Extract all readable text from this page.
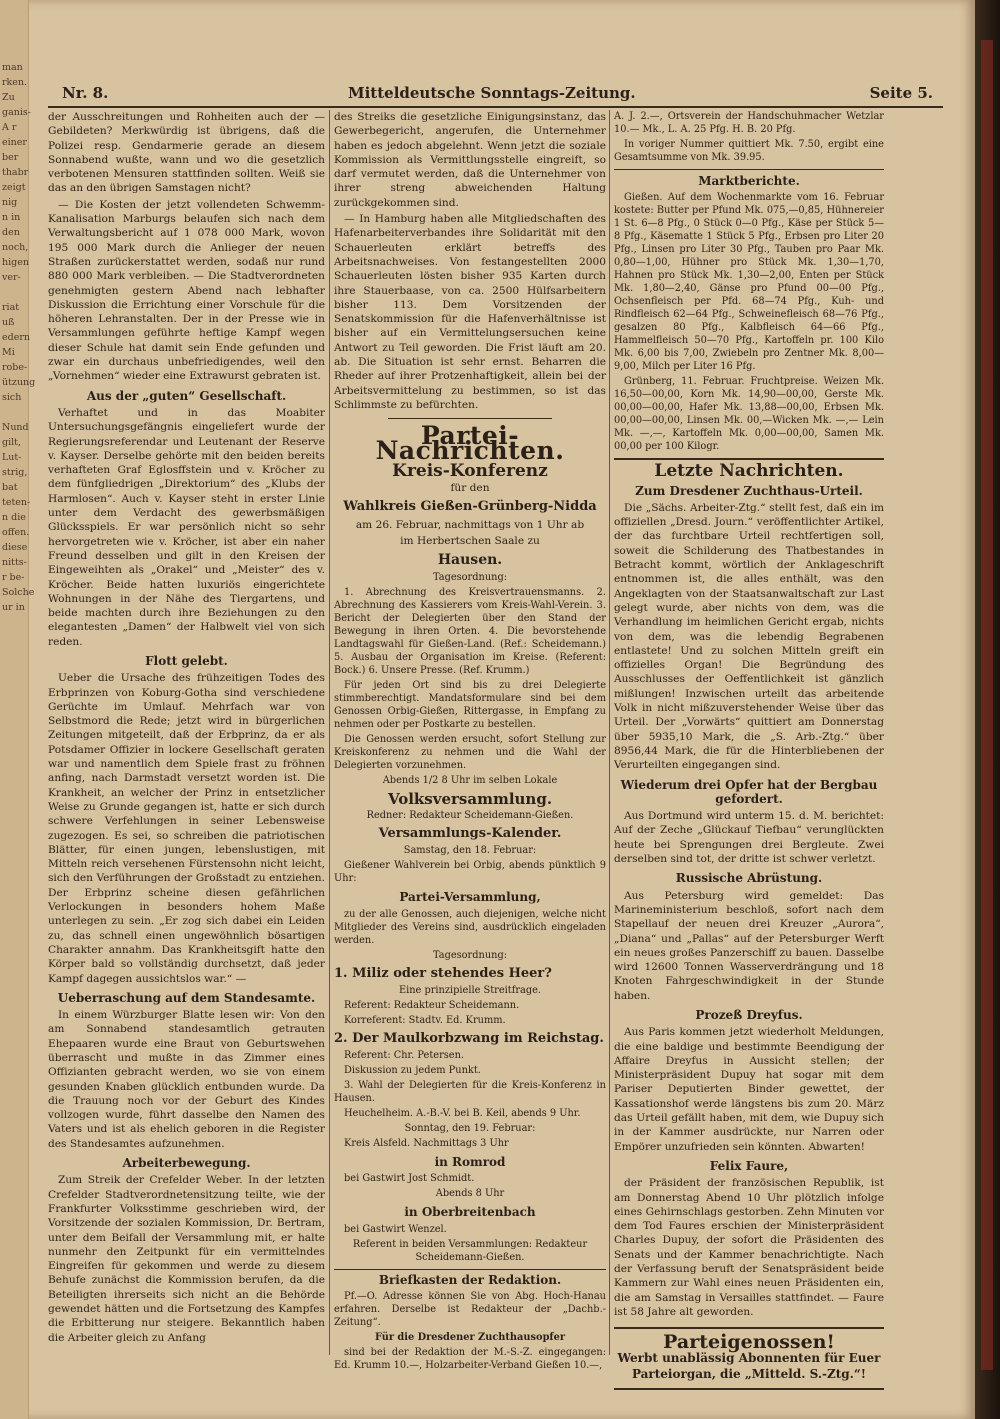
man
rken.
Zu
ganis-
A r
einer
ber
thabr
zeigt
nig
n in
den
noch,
higen
ver-

riat
uß
edern
Mi
robe-
ützung
sich

Nund
gilt,
Lut-
strig,
bat
teten-
n die
offen.
diese
nitts-
r be-
Solche
ur in

Nr. 8.	Mitteldeutsche Sonntags-Zeitung.	Seite 5.

der Ausschreitungen und Rohheiten auch der — Gebildeten? Merkwürdig ist übrigens, daß die Polizei resp. Gendarmerie gerade an diesem Sonnabend wußte, wann und wo die gesetzlich verbotenen Mensuren stattfinden sollten. Weiß sie das an den übrigen Samstagen nicht?

— Die Kosten der jetzt vollendeten Schwemm-Kanalisation Marburgs belaufen sich nach dem Verwaltungsbericht auf 1 078 000 Mark, wovon 195 000 Mark durch die Anlieger der neuen Straßen zurückerstattet werden, sodaß nur rund 880 000 Mark verbleiben. — Die Stadtverordneten genehmigten gestern Abend nach lebhafter Diskussion die Errichtung einer Vorschule für die höheren Lehranstalten. Der in der Presse wie in Versammlungen geführte heftige Kampf wegen dieser Schule hat damit sein Ende gefunden und zwar ein durchaus unbefriedigendes, weil den „Vornehmen“ wieder eine Extrawurst gebraten ist.

Aus der „guten“ Gesellschaft.

Verhaftet und in das Moabiter Untersuchungsgefängnis eingeliefert wurde der Regierungsreferendar und Leutenant der Reserve v. Kayser. Derselbe gehörte mit den beiden bereits verhafteten Graf Eglosffstein und v. Kröcher zu dem fünfgliedrigen „Direktorium“ des „Klubs der Harmlosen“. Auch v. Kayser steht in erster Linie unter dem Verdacht des gewerbsmäßigen Glücksspiels. Er war persönlich nicht so sehr hervorgetreten wie v. Kröcher, ist aber ein naher Freund desselben und gilt in den Kreisen der Eingeweihten als „Orakel“ und „Meister“ des v. Kröcher. Beide hatten luxuriös eingerichtete Wohnungen in der Nähe des Tiergartens, und beide machten durch ihre Beziehungen zu den elegantesten „Damen“ der Halbwelt viel von sich reden.

Flott gelebt.

Ueber die Ursache des frühzeitigen Todes des Erbprinzen von Koburg-Gotha sind verschiedene Gerüchte im Umlauf. Mehrfach war von Selbstmord die Rede; jetzt wird in bürgerlichen Zeitungen mitgeteilt, daß der Erbprinz, da er als Potsdamer Offizier in lockere Gesellschaft geraten war und namentlich dem Spiele frast zu fröhnen anfing, nach Darmstadt versetzt worden ist. Die Krankheit, an welcher der Prinz in entsetzlicher Weise zu Grunde gegangen ist, hatte er sich durch schwere Verfehlungen in seiner Lebensweise zugezogen. Es sei, so schreiben die patriotischen Blätter, für einen jungen, lebenslustigen, mit Mitteln reich versehenen Fürstensohn nicht leicht, sich den Verführungen der Großstadt zu entziehen. Der Erbprinz scheine diesen gefährlichen Verlockungen in besonders hohem Maße unterlegen zu sein. „Er zog sich dabei ein Leiden zu, das schnell einen ungewöhnlich bösartigen Charakter annahm. Das Krankheitsgift hatte den Körper bald so vollständig durchsetzt, daß jeder Kampf dagegen aussichtslos war.“ —

Ueberraschung auf dem Standesamte.

In einem Würzburger Blatte lesen wir: Von den am Sonnabend standesamtlich getrauten Ehepaaren wurde eine Braut von Geburtswehen überrascht und mußte in das Zimmer eines Offizianten gebracht werden, wo sie von einem gesunden Knaben glücklich entbunden wurde. Da die Trauung noch vor der Geburt des Kindes vollzogen wurde, führt dasselbe den Namen des Vaters und ist als ehelich geboren in die Register des Standesamtes aufzunehmen.

Arbeiterbewegung.

Zum Streik der Crefelder Weber. In der letzten Crefelder Stadtverordnetensitzung teilte, wie der Frankfurter Volksstimme geschrieben wird, der Vorsitzende der sozialen Kommission, Dr. Bertram, unter dem Beifall der Versammlung mit, er halte nunmehr den Zeitpunkt für ein vermittelndes Eingreifen für gekommen und werde zu diesem Behufe zunächst die Kommission berufen, da die Beteiligten ihrerseits sich nicht an die Behörde gewendet hätten und die Fortsetzung des Kampfes die Erbitterung nur steigere. Bekanntlich haben die Arbeiter gleich zu Anfang

des Streiks die gesetzliche Einigungsinstanz, das Gewerbegericht, angerufen, die Unternehmer haben es jedoch abgelehnt. Wenn jetzt die soziale Kommission als Vermittlungsstelle eingreift, so darf vermutet werden, daß die Unternehmer von ihrer streng abweichenden Haltung zurückgekommen sind.

— In Hamburg haben alle Mitgliedschaften des Hafenarbeiterverbandes ihre Solidarität mit den Schauerleuten erklärt betreffs des Arbeitsnachweises. Von festangestellten 2000 Schauerleuten lösten bisher 935 Karten durch ihre Stauerbaase, von ca. 2500 Hülfsarbeitern bisher 113. Dem Vorsitzenden der Senatskommission für die Hafenverhältnisse ist bisher auf ein Vermittelungsersuchen keine Antwort zu Teil geworden. Die Frist läuft am 20. ab. Die Situation ist sehr ernst. Beharren die Rheder auf ihrer Protzenhaftigkeit, allein bei der Arbeitsvermittelung zu bestimmen, so ist das Schlimmste zu befürchten.

Partei-Nachrichten.
Kreis-Konferenz

für den

Wahlkreis Gießen-Grünberg-Nidda

am 26. Februar, nachmittags von 1 Uhr ab

im Herbertschen Saale zu

Hausen.

Tagesordnung:

1. Abrechnung des Kreisvertrauensmanns. 2. Abrechnung des Kassierers vom Kreis-Wahl-Verein. 3. Bericht der Delegierten über den Stand der Bewegung in ihren Orten. 4. Die bevorstehende Landtagswahl für Gießen-Land. (Ref.: Scheidemann.) 5. Ausbau der Organisation im Kreise. (Referent: Bock.) 6. Unsere Presse. (Ref. Krumm.)

Für jeden Ort sind bis zu drei Delegierte stimmberechtigt. Mandatsformulare sind bei dem Genossen Orbig-Gießen, Rittergasse, in Empfang zu nehmen oder per Postkarte zu bestellen.

Die Genossen werden ersucht, sofort Stellung zur Kreiskonferenz zu nehmen und die Wahl der Delegierten vorzunehmen.

Abends 1/2 8 Uhr im selben Lokale

Volksversammlung.

Redner: Redakteur Scheidemann-Gießen.

Versammlungs-Kalender.

Samstag, den 18. Februar:

Gießener Wahlverein bei Orbig, abends pünktlich 9 Uhr:

Partei-Versammlung,

zu der alle Genossen, auch diejenigen, welche nicht Mitglieder des Vereins sind, ausdrücklich eingeladen werden.

Tagesordnung:

1. Miliz oder stehendes Heer?

Eine prinzipielle Streitfrage.

Referent: Redakteur Scheidemann.

Korreferent: Stadtv. Ed. Krumm.

2. Der Maulkorbzwang im Reichstag.

Referent: Chr. Petersen.

Diskussion zu jedem Punkt.

3. Wahl der Delegierten für die Kreis-Konferenz in Hausen.

Heuchelheim. A.-B.-V. bei B. Keil, abends 9 Uhr.

Sonntag, den 19. Februar:

Kreis Alsfeld. Nachmittags 3 Uhr

in Romrod

bei Gastwirt Jost Schmidt.

Abends 8 Uhr

in Oberbreitenbach

bei Gastwirt Wenzel.

Referent in beiden Versammlungen: Redakteur Scheidemann-Gießen.

Briefkasten der Redaktion.

Pf.—O. Adresse können Sie von Abg. Hoch-Hanau erfahren. Derselbe ist Redakteur der „Dachb.-Zeitung“.

Für die Dresdener Zuchthausopfer

sind bei der Redaktion der M.-S.-Z. eingegangen: Ed. Krumm 10.—, Holzarbeiter-Verband Gießen 10.—,

A. J. 2.—, Ortsverein der Handschuhmacher Wetzlar 10.— Mk., L. A. 25 Pfg. H. B. 20 Pfg.

In voriger Nummer quittiert Mk. 7.50, ergibt eine Gesamtsumme von Mk. 39.95.

Marktberichte.

Gießen. Auf dem Wochenmarkte vom 16. Februar kostete: Butter per Pfund Mk. 075,—0,85, Hühnereier 1 St. 6—8 Pfg., 0 Stück 0—0 Pfg., Käse per Stück 5—8 Pfg., Käsematte 1 Stück 5 Pfg., Erbsen pro Liter 20 Pfg., Linsen pro Liter 30 Pfg., Tauben pro Paar Mk. 0,80—1,00, Hühner pro Stück Mk. 1,30—1,70, Hahnen pro Stück Mk. 1,30—2,00, Enten per Stück Mk. 1,80—2,40, Gänse pro Pfund 00—00 Pfg., Ochsenfleisch per Pfd. 68—74 Pfg., Kuh- und Rindfleisch 62—64 Pfg., Schweinefleisch 68—76 Pfg., gesalzen 80 Pfg., Kalbfleisch 64—66 Pfg., Hammelfleisch 50—70 Pfg., Kartoffeln pr. 100 Kilo Mk. 6,00 bis 7,00, Zwiebeln pro Zentner Mk. 8,00—9,00, Milch per Liter 16 Pfg.

Grünberg, 11. Februar. Fruchtpreise. Weizen Mk. 16,50—00,00, Korn Mk. 14,90—00,00, Gerste Mk. 00,00—00,00, Hafer Mk. 13,88—00,00, Erbsen Mk. 00,00—00,00, Linsen Mk. 00,—Wicken Mk. —,— Lein Mk. —,—, Kartoffeln Mk. 0,00—00,00, Samen Mk. 00,00 per 100 Kilogr.

Letzte Nachrichten.
Zum Dresdener Zuchthaus-Urteil.

Die „Sächs. Arbeiter-Ztg.“ stellt fest, daß ein im offiziellen „Dresd. Journ.“ veröffentlichter Artikel, der das furchtbare Urteil rechtfertigen soll, soweit die Schilderung des Thatbestandes in Betracht kommt, wörtlich der Anklageschrift entnommen ist, die alles enthält, was den Angeklagten von der Staatsanwaltschaft zur Last gelegt wurde, aber nichts von dem, was die Verhandlung im heimlichen Gericht ergab, nichts von dem, was die lebendig Begrabenen entlastete! Und zu solchen Mitteln greift ein offizielles Organ! Die Begründung des Ausschlusses der Oeffentlichkeit ist gänzlich mißlungen! Inzwischen urteilt das arbeitende Volk in nicht mißzuverstehender Weise über das Urteil. Der „Vorwärts“ quittiert am Donnerstag über 5935,10 Mark, die „S. Arb.-Ztg.“ über 8956,44 Mark, die für die Hinterbliebenen der Verurteilten eingegangen sind.

Wiederum drei Opfer hat der Bergbau gefordert.

Aus Dortmund wird unterm 15. d. M. berichtet: Auf der Zeche „Glückauf Tiefbau“ verunglückten heute bei Sprengungen drei Bergleute. Zwei derselben sind tot, der dritte ist schwer verletzt.

Russische Abrüstung.

Aus Petersburg wird gemeldet: Das Marineministerium beschloß, sofort nach dem Stapellauf der neuen drei Kreuzer „Aurora“, „Diana“ und „Pallas“ auf der Petersburger Werft ein neues großes Panzerschiff zu bauen. Dasselbe wird 12600 Tonnen Wasserverdrängung und 18 Knoten Fahrgeschwindigkeit in der Stunde haben.

Prozeß Dreyfus.

Aus Paris kommen jetzt wiederholt Meldungen, die eine baldige und bestimmte Beendigung der Affaire Dreyfus in Aussicht stellen; der Ministerpräsident Dupuy hat sogar mit dem Pariser Deputierten Binder gewettet, der Kassationshof werde längstens bis zum 20. März das Urteil gefällt haben, mit dem, wie Dupuy sich in der Kammer ausdrückte, nur Narren oder Empörer unzufrieden sein könnten. Abwarten!

Felix Faure,

der Präsident der französischen Republik, ist am Donnerstag Abend 10 Uhr plötzlich infolge eines Gehirnschlags gestorben. Zehn Minuten vor dem Tod Faures erschien der Ministerpräsident Charles Dupuy, der sofort die Präsidenten des Senats und der Kammer benachrichtigte. Nach der Verfassung beruft der Senatspräsident beide Kammern zur Wahl eines neuen Präsidenten ein, die am Samstag in Versailles stattfindet. — Faure ist 58 Jahre alt geworden.

Parteigenossen!
Werbt unablässig Abonnenten für Euer Parteiorgan, die „Mitteld. S.-Ztg.“!
